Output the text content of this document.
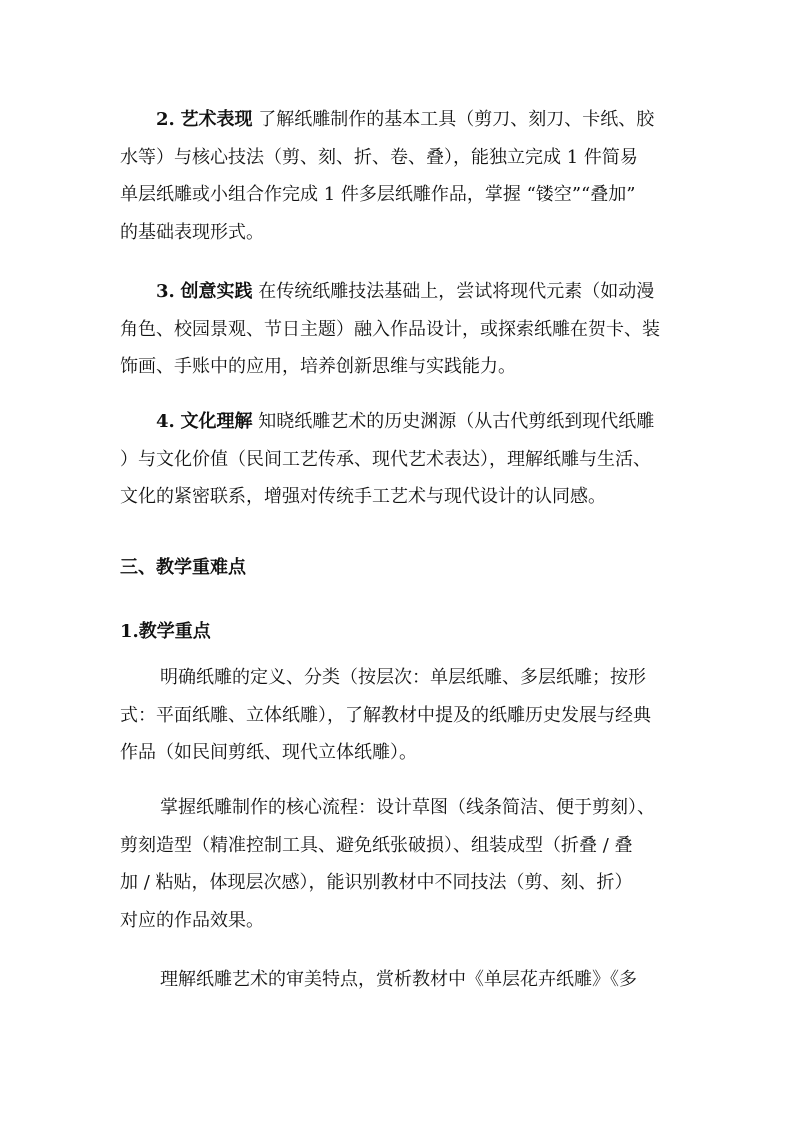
2. 艺术表现 了解纸雕制作的基本工具（剪刀、刻刀、卡纸、胶
水等）与核心技法（剪、刻、折、卷、叠），能独立完成 1 件简易
单层纸雕或小组合作完成 1 件多层纸雕作品，掌握 “镂空”“叠加”
的基础表现形式。
3. 创意实践 在传统纸雕技法基础上，尝试将现代元素（如动漫
角色、校园景观、节日主题）融入作品设计，或探索纸雕在贺卡、装
饰画、手账中的应用，培养创新思维与实践能力。
4. 文化理解 知晓纸雕艺术的历史渊源（从古代剪纸到现代纸雕
）与文化价值（民间工艺传承、现代艺术表达），理解纸雕与生活、
文化的紧密联系，增强对传统手工艺术与现代设计的认同感。
三、教学重难点
1.教学重点
明确纸雕的定义、分类（按层次：单层纸雕、多层纸雕；按形
式：平面纸雕、立体纸雕），了解教材中提及的纸雕历史发展与经典
作品（如民间剪纸、现代立体纸雕）。
掌握纸雕制作的核心流程：设计草图（线条简洁、便于剪刻）、
剪刻造型（精准控制工具、避免纸张破损）、组装成型（折叠 / 叠
加 / 粘贴，体现层次感），能识别教材中不同技法（剪、刻、折）
对应的作品效果。
理解纸雕艺术的审美特点，赏析教材中《单层花卉纸雕》《多
